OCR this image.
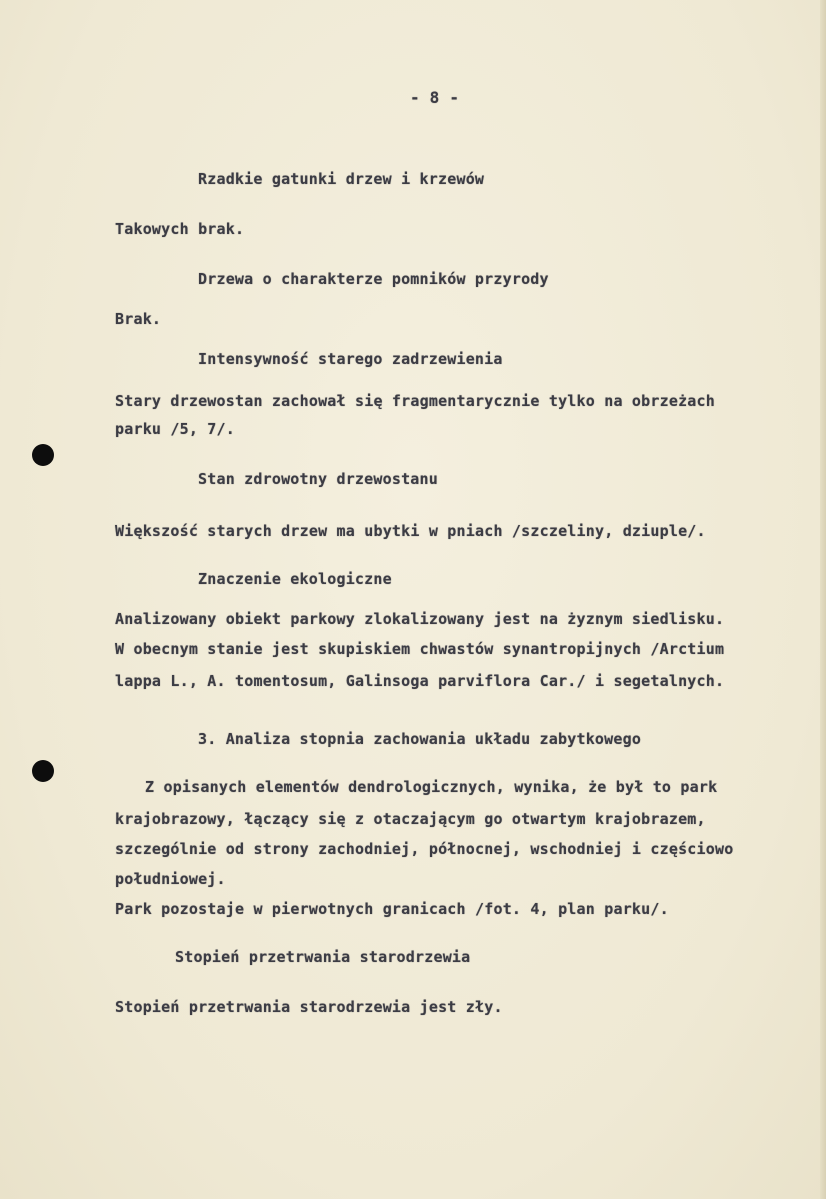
- 8 -
Rzadkie gatunki drzew i krzewów
Takowych brak.
Drzewa o charakterze pomników przyrody
Brak.
Intensywność starego zadrzewienia
Stary drzewostan zachował się fragmentarycznie tylko na obrzeżach
parku /5, 7/.
Stan zdrowotny drzewostanu
Większość starych drzew ma ubytki w pniach /szczeliny, dziuple/.
Znaczenie ekologiczne
Analizowany obiekt parkowy zlokalizowany jest na żyznym siedlisku.
W obecnym stanie jest skupiskiem chwastów synantropijnych /Arctium
lappa L., A. tomentosum, Galinsoga parviflora Car./ i segetalnych.
3. Analiza stopnia zachowania układu zabytkowego
Z opisanych elementów dendrologicznych, wynika, że był to park
krajobrazowy, łączący się z otaczającym go otwartym krajobrazem,
szczególnie od strony zachodniej, północnej, wschodniej i częściowo
południowej.
Park pozostaje w pierwotnych granicach /fot. 4, plan parku/.
Stopień przetrwania starodrzewia
Stopień przetrwania starodrzewia jest zły.
